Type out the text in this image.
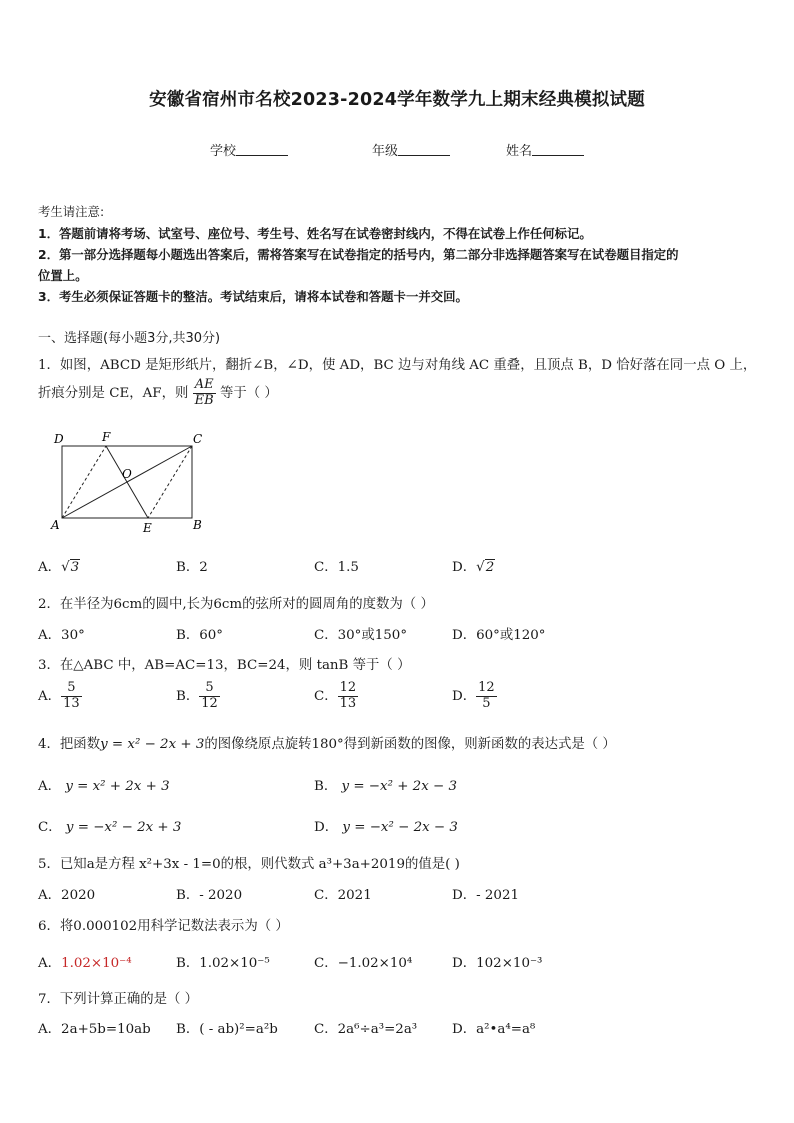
安徽省宿州市名校2023-2024学年数学九上期末经典模拟试题
学校	年级	姓名
考生请注意:
1．答题前请将考场、试室号、座位号、考生号、姓名写在试卷密封线内，不得在试卷上作任何标记。
2．第一部分选择题每小题选出答案后，需将答案写在试卷指定的括号内，第二部分非选择题答案写在试卷题目指定的
位置上。
3．考生必须保证答题卡的整洁。考试结束后，请将本试卷和答题卡一并交回。
一、选择题(每小题3分,共30分)
1．如图，ABCD 是矩形纸片，翻折∠B，∠D，使 AD，BC 边与对角线 AC 重叠，且顶点 B，D 恰好落在同一点 O 上，
折痕分别是 CE，AF，则 $\frac{AE}{EB}$ 等于（ ）
D	F	C
O
A	E	B
A．√3	B．2	C．1.5	D．√2
2．在半径为6cm的圆中,长为6cm的弦所对的圆周角的度数为（ ）
A．30°	B．60°	C．30°或150°	D．60°或120°
3．在△ABC 中，AB=AC=13，BC=24，则 tanB 等于（ ）
A． $\frac{5}{13}$	B． $\frac{5}{12}$	C． $\frac{12}{13}$	D． $\frac{12}{5}$
4．把函数y = x² − 2x + 3的图像绕原点旋转180°得到新函数的图像，则新函数的表达式是（ ）
A． y = x² + 2x + 3	B． y = −x² + 2x − 3
C． y = −x² − 2x + 3	D． y = −x² − 2x − 3
5．已知a是方程 x²+3x - 1=0的根，则代数式 a³+3a+2019的值是( )
A．2020	B．- 2020	C．2021	D．- 2021
6．将0.000102用科学记数法表示为（ ）
A．1.02×10⁻⁴	B．1.02×10⁻⁵	C．−1.02×10⁴	D．102×10⁻³
7．下列计算正确的是（ ）
A．2a+5b=10ab B．( - ab)²=a²b	C．2a⁶÷a³=2a³	D．a²•a⁴=a⁸
